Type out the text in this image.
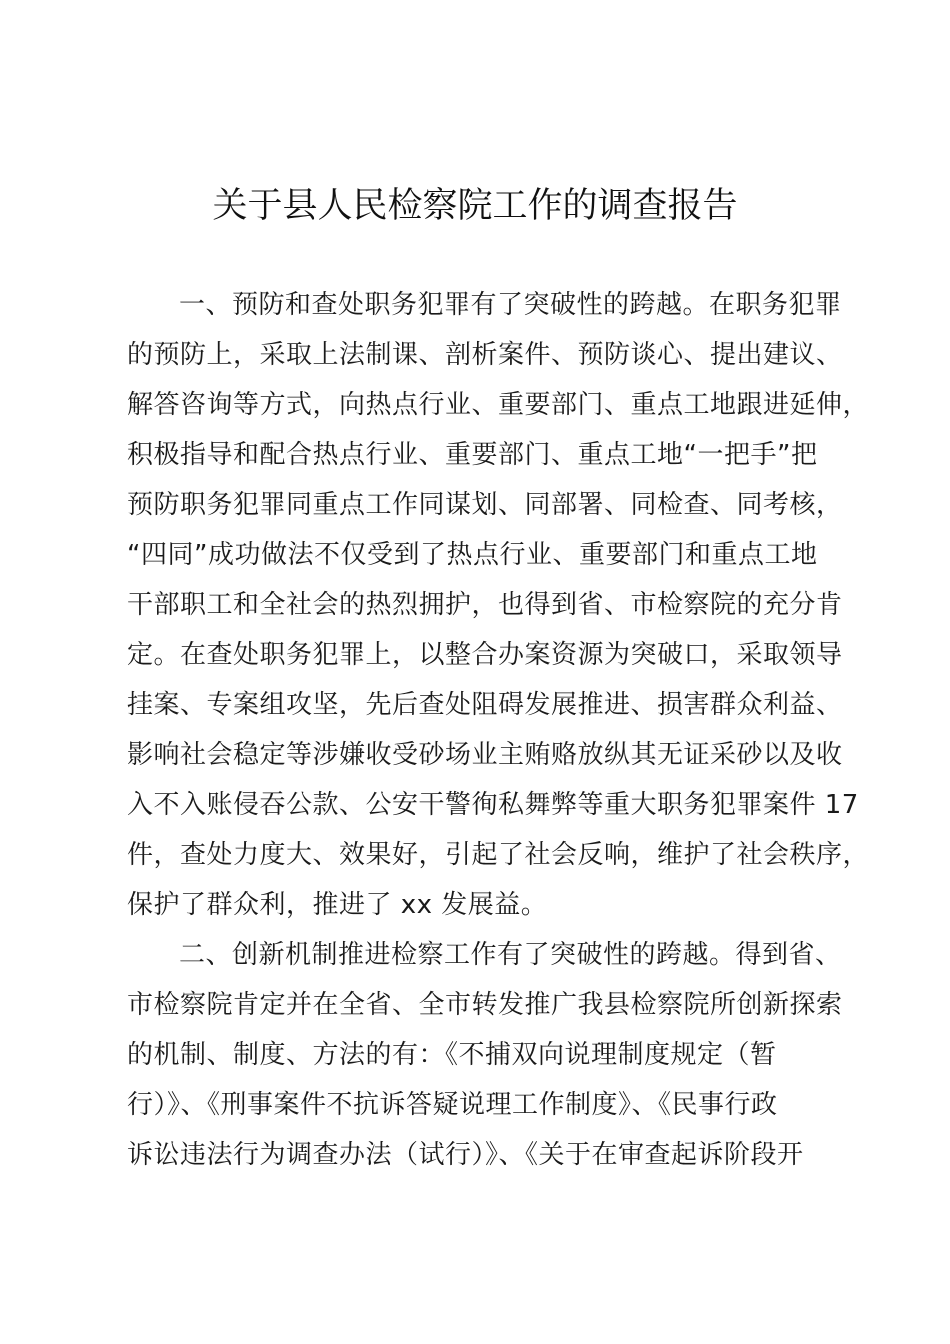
关于县人民检察院工作的调查报告
一、预防和查处职务犯罪有了突破性的跨越。在职务犯罪
的预防上，采取上法制课、剖析案件、预防谈心、提出建议、
解答咨询等方式，向热点行业、重要部门、重点工地跟进延伸，
积极指导和配合热点行业、重要部门、重点工地“一把手”把
预防职务犯罪同重点工作同谋划、同部署、同检查、同考核，
“四同”成功做法不仅受到了热点行业、重要部门和重点工地
干部职工和全社会的热烈拥护，也得到省、市检察院的充分肯
定。在查处职务犯罪上，以整合办案资源为突破口，采取领导
挂案、专案组攻坚，先后查处阻碍发展推进、损害群众利益、
影响社会稳定等涉嫌收受砂场业主贿赂放纵其无证采砂以及收
入不入账侵吞公款、公安干警徇私舞弊等重大职务犯罪案件 17
件，查处力度大、效果好，引起了社会反响，维护了社会秩序，
保护了群众利，推进了 xx 发展益。
二、创新机制推进检察工作有了突破性的跨越。得到省、
市检察院肯定并在全省、全市转发推广我县检察院所创新探索
的机制、制度、方法的有：《不捕双向说理制度规定（暂
行）》、《刑事案件不抗诉答疑说理工作制度》、《民事行政
诉讼违法行为调查办法（试行）》、《关于在审查起诉阶段开
